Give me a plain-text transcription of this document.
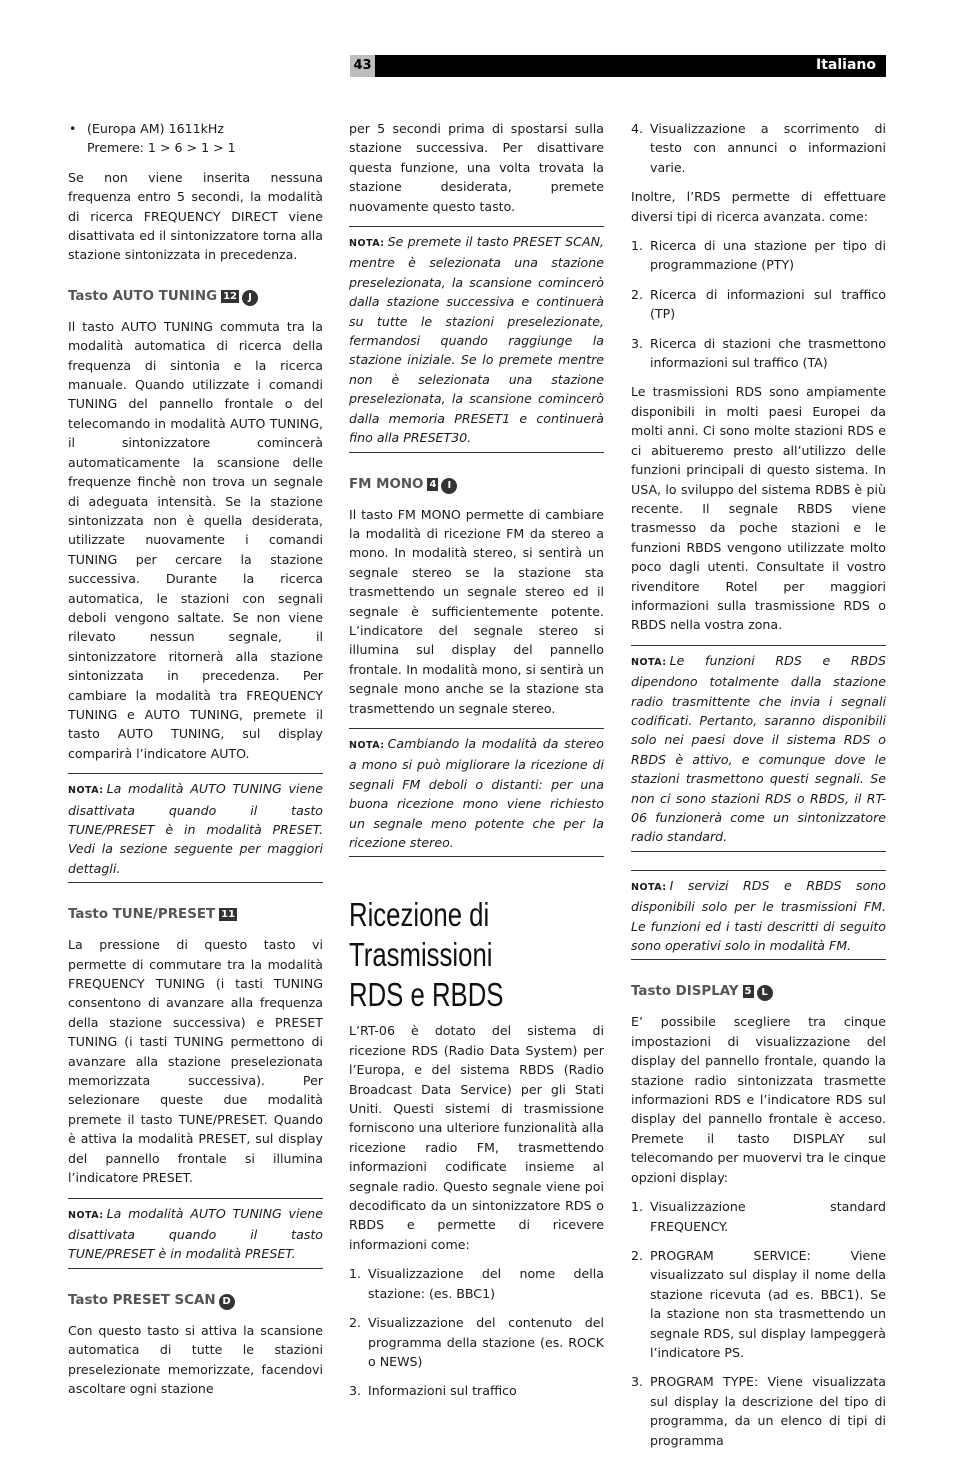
43	Italiano
• (Europa AM) 1611kHz
Premere: 1 > 6 > 1 > 1

Se non viene inserita nessuna frequenza entro 5 secondi, la modalità di ricerca FREQUENCY DIRECT viene disattivata ed il sintonizzatore torna alla stazione sintonizzata in precedenza.

Tasto AUTO TUNING 12 J

Il tasto AUTO TUNING commuta tra la modalità automatica di ricerca della frequenza di sintonia e la ricerca manuale. Quando utilizzate i comandi TUNING del pannello frontale o del telecomando in modalità AUTO TUNING, il sintonizzatore comincerà automaticamente la scansione delle frequenze finchè non trova un segnale di adeguata intensità. Se la stazione sintonizzata non è quella desiderata, utilizzate nuovamente i comandi TUNING per cercare la stazione successiva. Durante la ricerca automatica, le stazioni con segnali deboli vengono saltate. Se non viene rilevato nessun segnale, il sintonizzatore ritornerà alla stazione sintonizzata in precedenza. Per cambiare la modalità tra FREQUENCY TUNING e AUTO TUNING, premete il tasto AUTO TUNING, sul display comparirà l’indicatore AUTO.

NOTA: La modalità AUTO TUNING viene disattivata quando il tasto TUNE/PRESET è in modalità PRESET. Vedi la sezione seguente per maggiori dettagli.
Tasto TUNE/PRESET 11

La pressione di questo tasto vi permette di commutare tra la modalità FREQUENCY TUNING (i tasti TUNING consentono di avanzare alla frequenza della stazione successiva) e PRESET TUNING (i tasti TUNING permettono di avanzare alla stazione preselezionata memorizzata successiva). Per selezionare queste due modalità premete il tasto TUNE/PRESET. Quando è attiva la modalità PRESET, sul display del pannello frontale si illumina l’indicatore PRESET.

NOTA: La modalità AUTO TUNING viene disattivata quando il tasto TUNE/PRESET è in modalità PRESET.
Tasto PRESET SCAN D

Con questo tasto si attiva la scansione automatica di tutte le stazioni preselezionate memorizzate, facendovi ascoltare ogni stazione

per 5 secondi prima di spostarsi sulla stazione successiva. Per disattivare questa funzione, una volta trovata la stazione desiderata, premete nuovamente questo tasto.

NOTA: Se premete il tasto PRESET SCAN, mentre è selezionata una stazione preselezionata, la scansione comincerò dalla stazione successiva e continuerà su tutte le stazioni preselezionate, fermandosi quando raggiunge la stazione iniziale. Se lo premete mentre non è selezionata una stazione preselezionata, la scansione comincerò dalla memoria PRESET1 e continuerà fino alla PRESET30.
FM MONO 4 I

Il tasto FM MONO permette di cambiare la modalità di ricezione FM da stereo a mono. In modalità stereo, si sentirà un segnale stereo se la stazione sta trasmettendo un segnale stereo ed il segnale è sufficientemente potente. L’indicatore del segnale stereo si illumina sul display del pannello frontale. In modalità mono, si sentirà un segnale mono anche se la stazione sta trasmettendo un segnale stereo.

NOTA: Cambiando la modalità da stereo a mono si può migliorare la ricezione di segnali FM deboli o distanti: per una buona ricezione mono viene richiesto un segnale meno potente che per la ricezione stereo.
Ricezione di Trasmissioni
RDS e RBDS

L’RT-06 è dotato del sistema di ricezione RDS (Radio Data System) per l’Europa, e del sistema RBDS (Radio Broadcast Data Service) per gli Stati Uniti. Questi sistemi di trasmissione forniscono una ulteriore funzionalità alla ricezione radio FM, trasmettendo informazioni codificate insieme al segnale radio. Questo segnale viene poi decodificato da un sintonizzatore RDS o RBDS e permette di ricevere informazioni come:

1. Visualizzazione del nome della stazione: (es. BBC1)
2. Visualizzazione del contenuto del programma della stazione (es. ROCK o NEWS)
3. Informazioni sul traffico
4. Visualizzazione a scorrimento di testo con annunci o informazioni varie.

Inoltre, l’RDS permette di effettuare diversi tipi di ricerca avanzata. come:

1. Ricerca di una stazione per tipo di programmazione (PTY)
2. Ricerca di informazioni sul traffico (TP)
3. Ricerca di stazioni che trasmettono informazioni sul traffico (TA)

Le trasmissioni RDS sono ampiamente disponibili in molti paesi Europei da molti anni. Ci sono molte stazioni RDS e ci abitueremo presto all’utilizzo delle funzioni principali di questo sistema. In USA, lo sviluppo del sistema RDBS è più recente. Il segnale RBDS viene trasmesso da poche stazioni e le funzioni RBDS vengono utilizzate molto poco dagli utenti. Consultate il vostro rivenditore Rotel per maggiori informazioni sulla trasmissione RDS o RBDS nella vostra zona.

NOTA: Le funzioni RDS e RBDS dipendono totalmente dalla stazione radio trasmittente che invia i segnali codificati. Pertanto, saranno disponibili solo nei paesi dove il sistema RDS o RBDS è attivo, e comunque dove le stazioni trasmettono questi segnali. Se non ci sono stazioni RDS o RBDS, il RT-06 funzionerà come un sintonizzatore radio standard.
NOTA: I servizi RDS e RBDS sono disponibili solo per le trasmissioni FM. Le funzioni ed i tasti descritti di seguito sono operativi solo in modalità FM.
Tasto DISPLAY 5 L

E’ possibile scegliere tra cinque impostazioni di visualizzazione del display del pannello frontale, quando la stazione radio sintonizzata trasmette informazioni RDS e l’indicatore RDS sul display del pannello frontale è acceso. Premete il tasto DISPLAY sul telecomando per muovervi tra le cinque opzioni display:

1. Visualizzazione standard FREQUENCY.
2. PROGRAM SERVICE: Viene visualizzato sul display il nome della stazione ricevuta (ad es. BBC1). Se la stazione non sta trasmettendo un segnale RDS, sul display lampeggerà l’indicatore PS.
3. PROGRAM TYPE: Viene visualizzata sul display la descrizione del tipo di programma, da un elenco di tipi di programma
